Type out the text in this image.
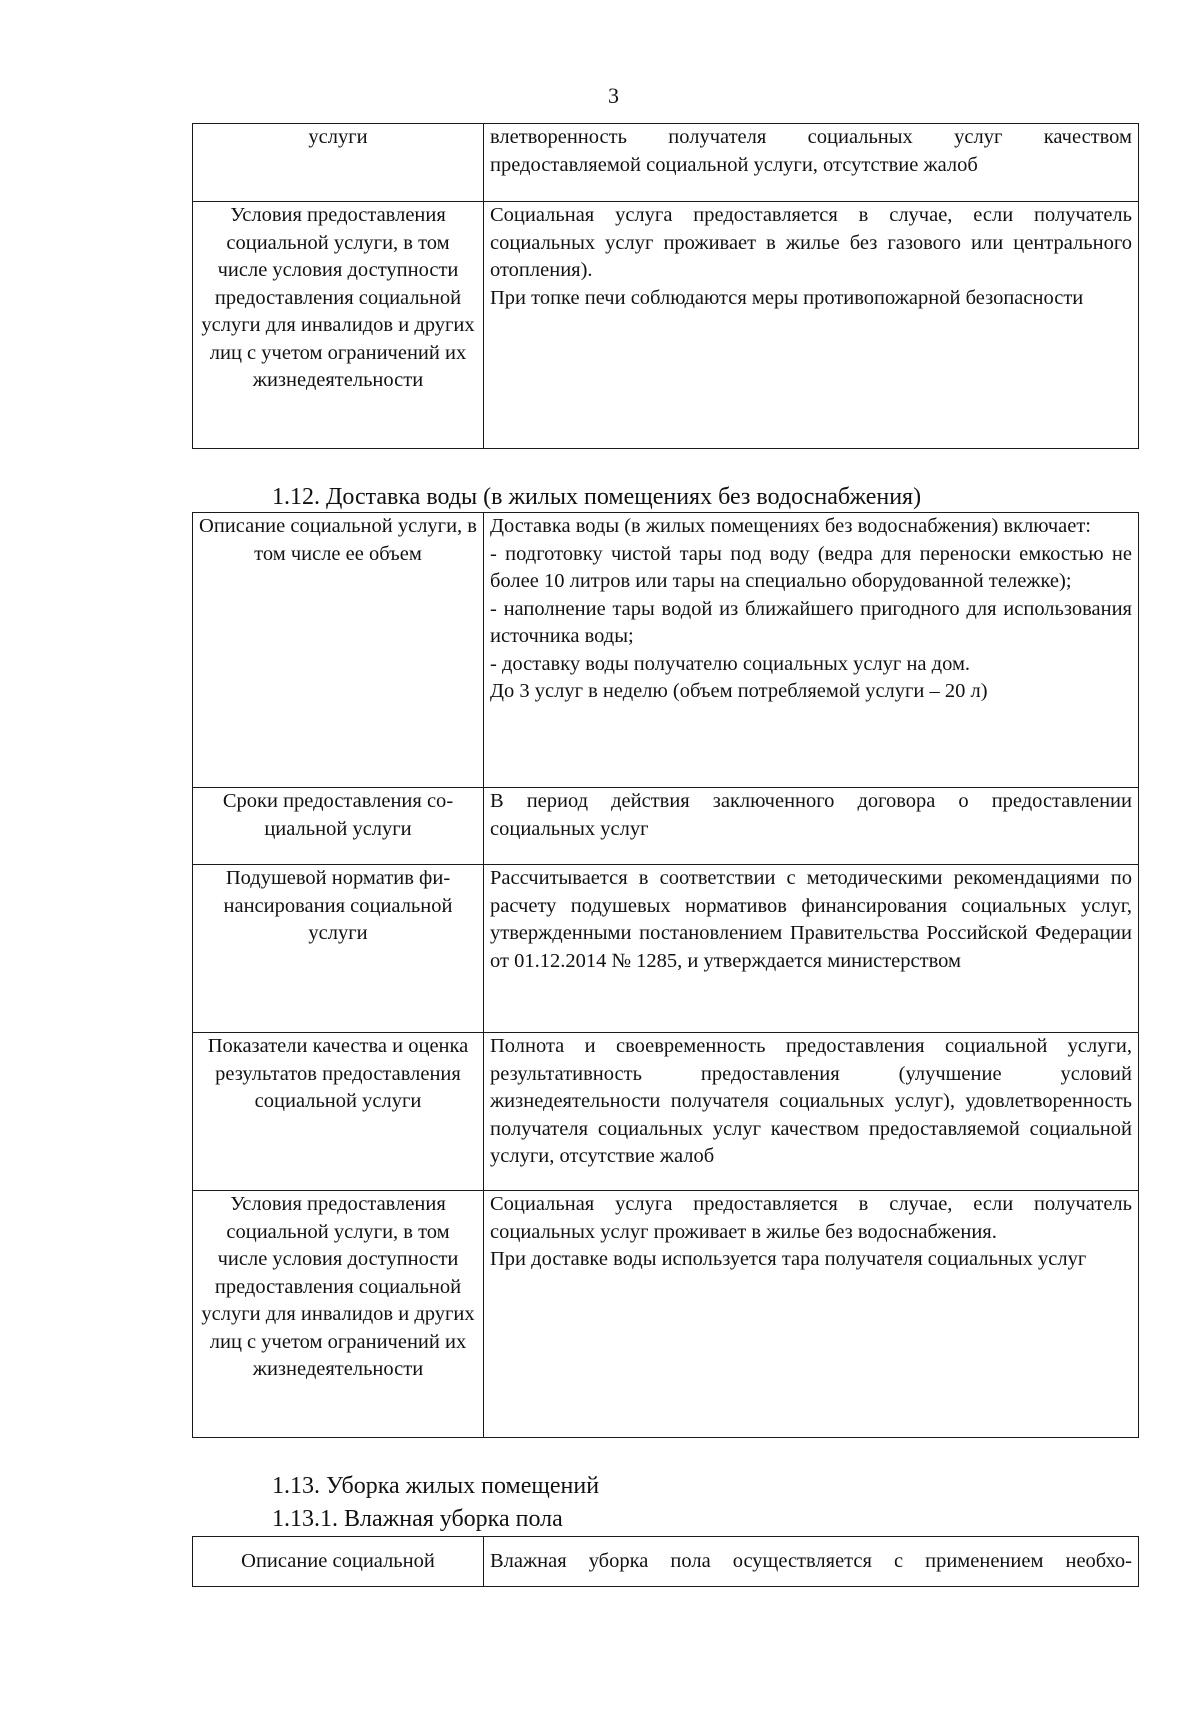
3
услуги	влетворенность получателя социальных услуг качеством предоставляемой социальной услуги, отсутствие жалоб

Условия предоставления социальной услуги, в том числе условия доступности предоставления социальной услуги для инвалидов и других лиц с учетом ограничений их жизнедеятельности	Социальная услуга предоставляется в случае, если получатель социальных услуг проживает в жилье без газового или центрального отопления).
При топке печи соблюдаются меры противопожарной безопасности
1.12. Доставка воды (в жилых помещениях без водоснабжения)
Описание социальной услуги, в том числе ее объем	Доставка воды (в жилых помещениях без водоснабжения) включает:
- подготовку чистой тары под воду (ведра для переноски емкостью не более 10 литров или тары на специально оборудованной тележке);
- наполнение тары водой из ближайшего пригодного для использования источника воды;
- доставку воды получателю социальных услуг на дом.
До 3 услуг в неделю (объем потребляемой услуги – 20 л)

Сроки предоставления социальной услуги	В период действия заключенного договора о предоставлении социальных услуг

Подушевой норматив финансирования социальной услуги	Рассчитывается в соответствии с методическими рекомендациями по расчету подушевых нормативов финансирования социальных услуг, утвержденными постановлением Правительства Российской Федерации от 01.12.2014 № 1285, и утверждается министерством

Показатели качества и оценка результатов предоставления социальной услуги	Полнота и своевременность предоставления социальной услуги, результативность предоставления (улучшение условий жизнедеятельности получателя социальных услуг), удовлетворенность получателя социальных услуг качеством предоставляемой социальной услуги, отсутствие жалоб

Условия предоставления социальной услуги, в том числе условия доступности предоставления социальной услуги для инвалидов и других лиц с учетом ограничений их жизнедеятельности	Социальная услуга предоставляется в случае, если получатель социальных услуг проживает в жилье без водоснабжения.
При доставке воды используется тара получателя социальных услуг
1.13. Уборка жилых помещений
1.13.1. Влажная уборка пола
Описание социальной	Влажная уборка пола осуществляется с применением необхо-
